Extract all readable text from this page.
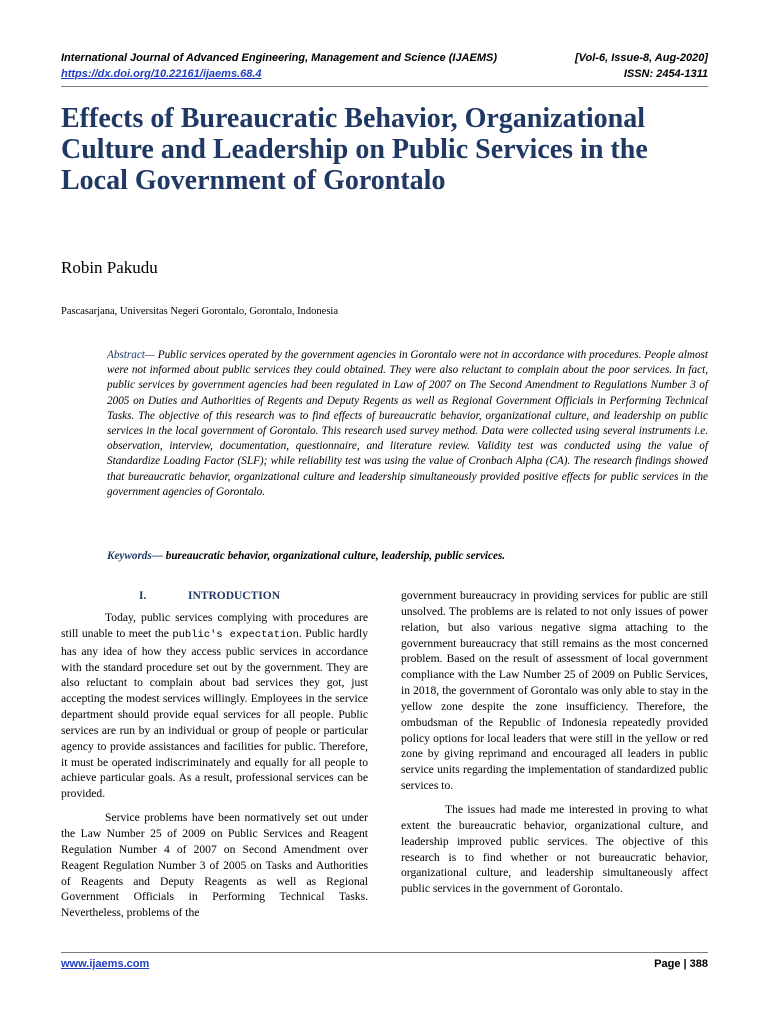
International Journal of Advanced Engineering, Management and Science (IJAEMS)	[Vol-6, Issue-8, Aug-2020]
https://dx.doi.org/10.22161/ijaems.68.4	ISSN: 2454-1311
Effects of Bureaucratic Behavior, Organizational Culture and Leadership on Public Services in the Local Government of Gorontalo
Robin Pakudu
Pascasarjana, Universitas Negeri Gorontalo, Gorontalo, Indonesia

Abstract— Public services operated by the government agencies in Gorontalo were not in accordance with procedures. People almost were not informed about public services they could obtained. They were also reluctant to complain about the poor services. In fact, public services by government agencies had been regulated in Law of 2007 on The Second Amendment to Regulations Number 3 of 2005 on Duties and Authorities of Regents and Deputy Regents as well as Regional Government Officials in Performing Technical Tasks. The objective of this research was to find effects of bureaucratic behavior, organizational culture, and leadership on public services in the local government of Gorontalo. This research used survey method. Data were collected using several instruments i.e. observation, interview, documentation, questionnaire, and literature review. Validity test was conducted using the value of Standardize Loading Factor (SLF); while reliability test was using the value of Cronbach Alpha (CA). The research findings showed that bureaucratic behavior, organizational culture and leadership simultaneously provided positive effects for public services in the government agencies of Gorontalo.

Keywords— bureaucratic behavior, organizational culture, leadership, public services.

I.	INTRODUCTION

Today, public services complying with procedures are still unable to meet the public's expectation. Public hardly has any idea of how they access public services in accordance with the standard procedure set out by the government. They are also reluctant to complain about bad services they got, just accepting the modest services willingly. Employees in the service department should provide equal services for all people. Public services are run by an individual or group of people or particular agency to provide assistances and facilities for public. Therefore, it must be operated indiscriminately and equally for all people to achieve particular goals. As a result, professional services can be provided.

Service problems have been normatively set out under the Law Number 25 of 2009 on Public Services and Reagent Regulation Number 4 of 2007 on Second Amendment over Reagent Regulation Number 3 of 2005 on Tasks and Authorities of Reagents and Deputy Reagents as well as Regional Government Officials in Performing Technical Tasks. Nevertheless, problems of the

government bureaucracy in providing services for public are still unsolved. The problems are is related to not only issues of power relation, but also various negative sigma attaching to the government bureaucracy that still remains as the most concerned problem. Based on the result of assessment of local government compliance with the Law Number 25 of 2009 on Public Services, in 2018, the government of Gorontalo was only able to stay in the yellow zone despite the zone insufficiency. Therefore, the ombudsman of the Republic of Indonesia repeatedly provided policy options for local leaders that were still in the yellow or red zone by giving reprimand and encouraged all leaders in public service units regarding the implementation of standardized public services to.

The issues had made me interested in proving to what extent the bureaucratic behavior, organizational culture, and leadership improved public services. The objective of this research is to find whether or not bureaucratic behavior, organizational culture, and leadership simultaneously affect public services in the government of Gorontalo.

www.ijaems.com	Page | 388
